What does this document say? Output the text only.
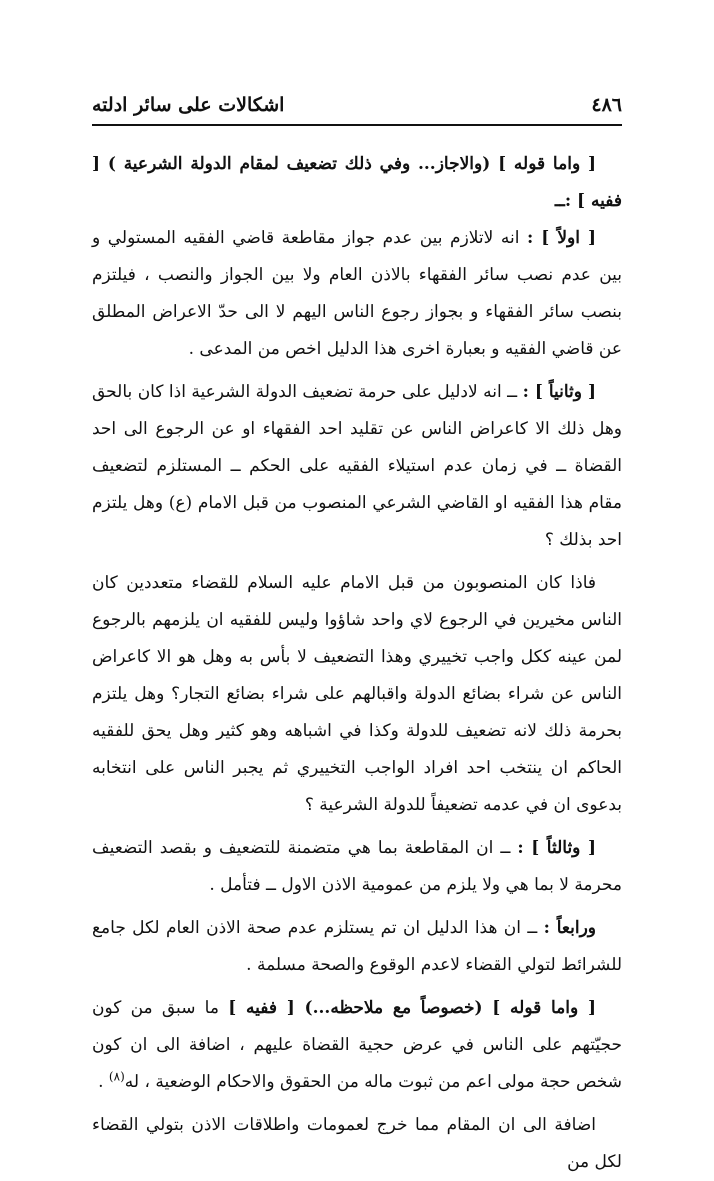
٤٨٦
اشكالات على سائر ادلته

[ واما قوله ] (والاجاز... وفي ذلك تضعيف لمقام الدولة الشرعية ) [ ففيه ] :ــ

[ اولاً ] : انه لاتلازم بين عدم جواز مقاطعة قاضي الفقيه المستولي و بين عدم نصب سائر الفقهاء بالاذن العام ولا بين الجواز والنصب ، فيلتزم بنصب سائر الفقهاء و بجواز رجوع الناس اليهم لا الى حدّ الاعراض المطلق عن قاضي الفقيه و بعبارة اخرى هذا الدليل اخص من المدعى .

[ وثانياً ] : ــ انه لادليل على حرمة تضعيف الدولة الشرعية اذا كان بالحق وهل ذلك الا كاعراض الناس عن تقليد احد الفقهاء او عن الرجوع الى احد القضاة ــ في زمان عدم استيلاء الفقيه على الحكم ــ المستلزم لتضعيف مقام هذا الفقيه او القاضي الشرعي المنصوب من قبل الامام (ع) وهل يلتزم احد بذلك ؟

فاذا كان المنصوبون من قبل الامام عليه السلام للقضاء متعددين كان الناس مخيرين في الرجوع لاي واحد شاؤوا وليس للفقيه ان يلزمهم بالرجوع لمن عينه ككل واجب تخييري وهذا التضعيف لا بأس به وهل هو الا كاعراض الناس عن شراء بضائع الدولة واقبالهم على شراء بضائع التجار؟ وهل يلتزم بحرمة ذلك لانه تضعيف للدولة وكذا في اشباهه وهو كثير وهل يحق للفقيه الحاكم ان ينتخب احد افراد الواجب التخييري ثم يجبر الناس على انتخابه بدعوى ان في عدمه تضعيفاً للدولة الشرعية ؟

[ وثالثاً ] : ــ ان المقاطعة بما هي متضمنة للتضعيف و بقصد التضعيف محرمة لا بما هي ولا يلزم من عمومية الاذن الاول ــ فتأمل .

ورابعاً : ــ ان هذا الدليل ان تم يستلزم عدم صحة الاذن العام لكل جامع للشرائط لتولي القضاء لاعدم الوقوع والصحة مسلمة .

[ واما قوله ] (خصوصاً مع ملاحظه...) [ ففيه ] ما سبق من كون حجيّتهم على الناس في عرض حجية القضاة عليهم ، اضافة الى ان كون شخص حجة مولى اعم من ثبوت ماله من الحقوق والاحكام الوضعية ، له$^{(٨)}$ .

اضافة الى ان المقام مما خرج لعمومات واطلاقات الاذن بتولي القضاء لكل من
